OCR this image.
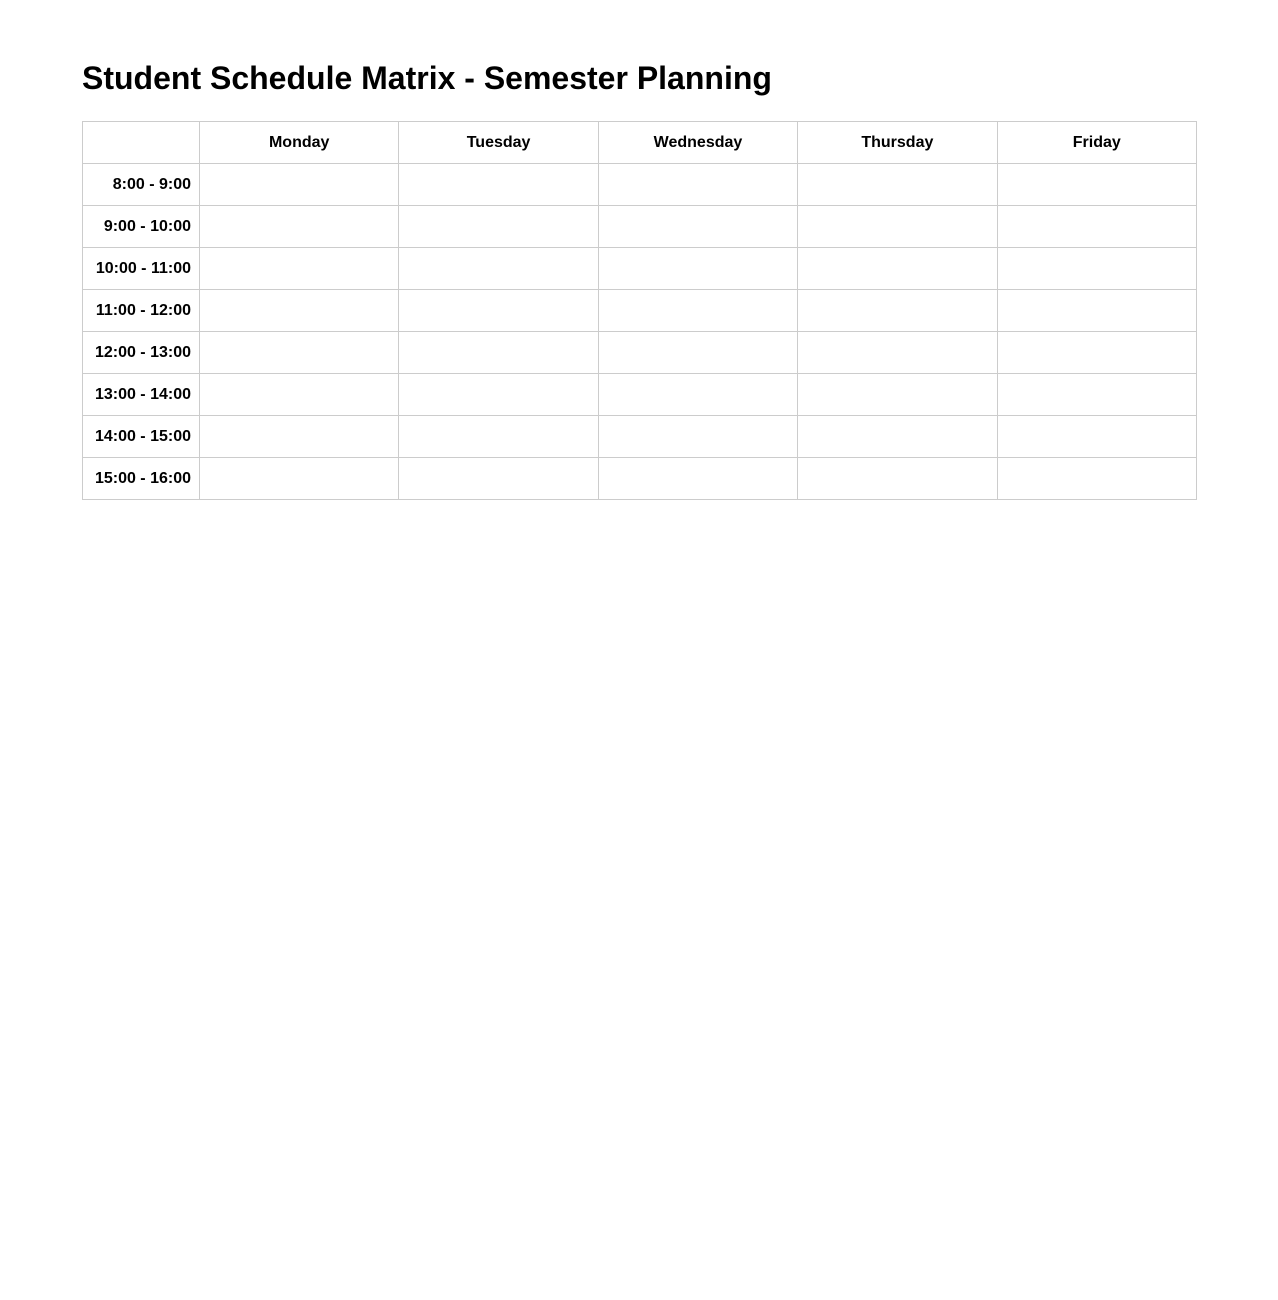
Student Schedule Matrix - Semester Planning
	Monday	Tuesday	Wednesday	Thursday	Friday
8:00 - 9:00					
9:00 - 10:00					
10:00 - 11:00					
11:00 - 12:00					
12:00 - 13:00					
13:00 - 14:00					
14:00 - 15:00					
15:00 - 16:00					
